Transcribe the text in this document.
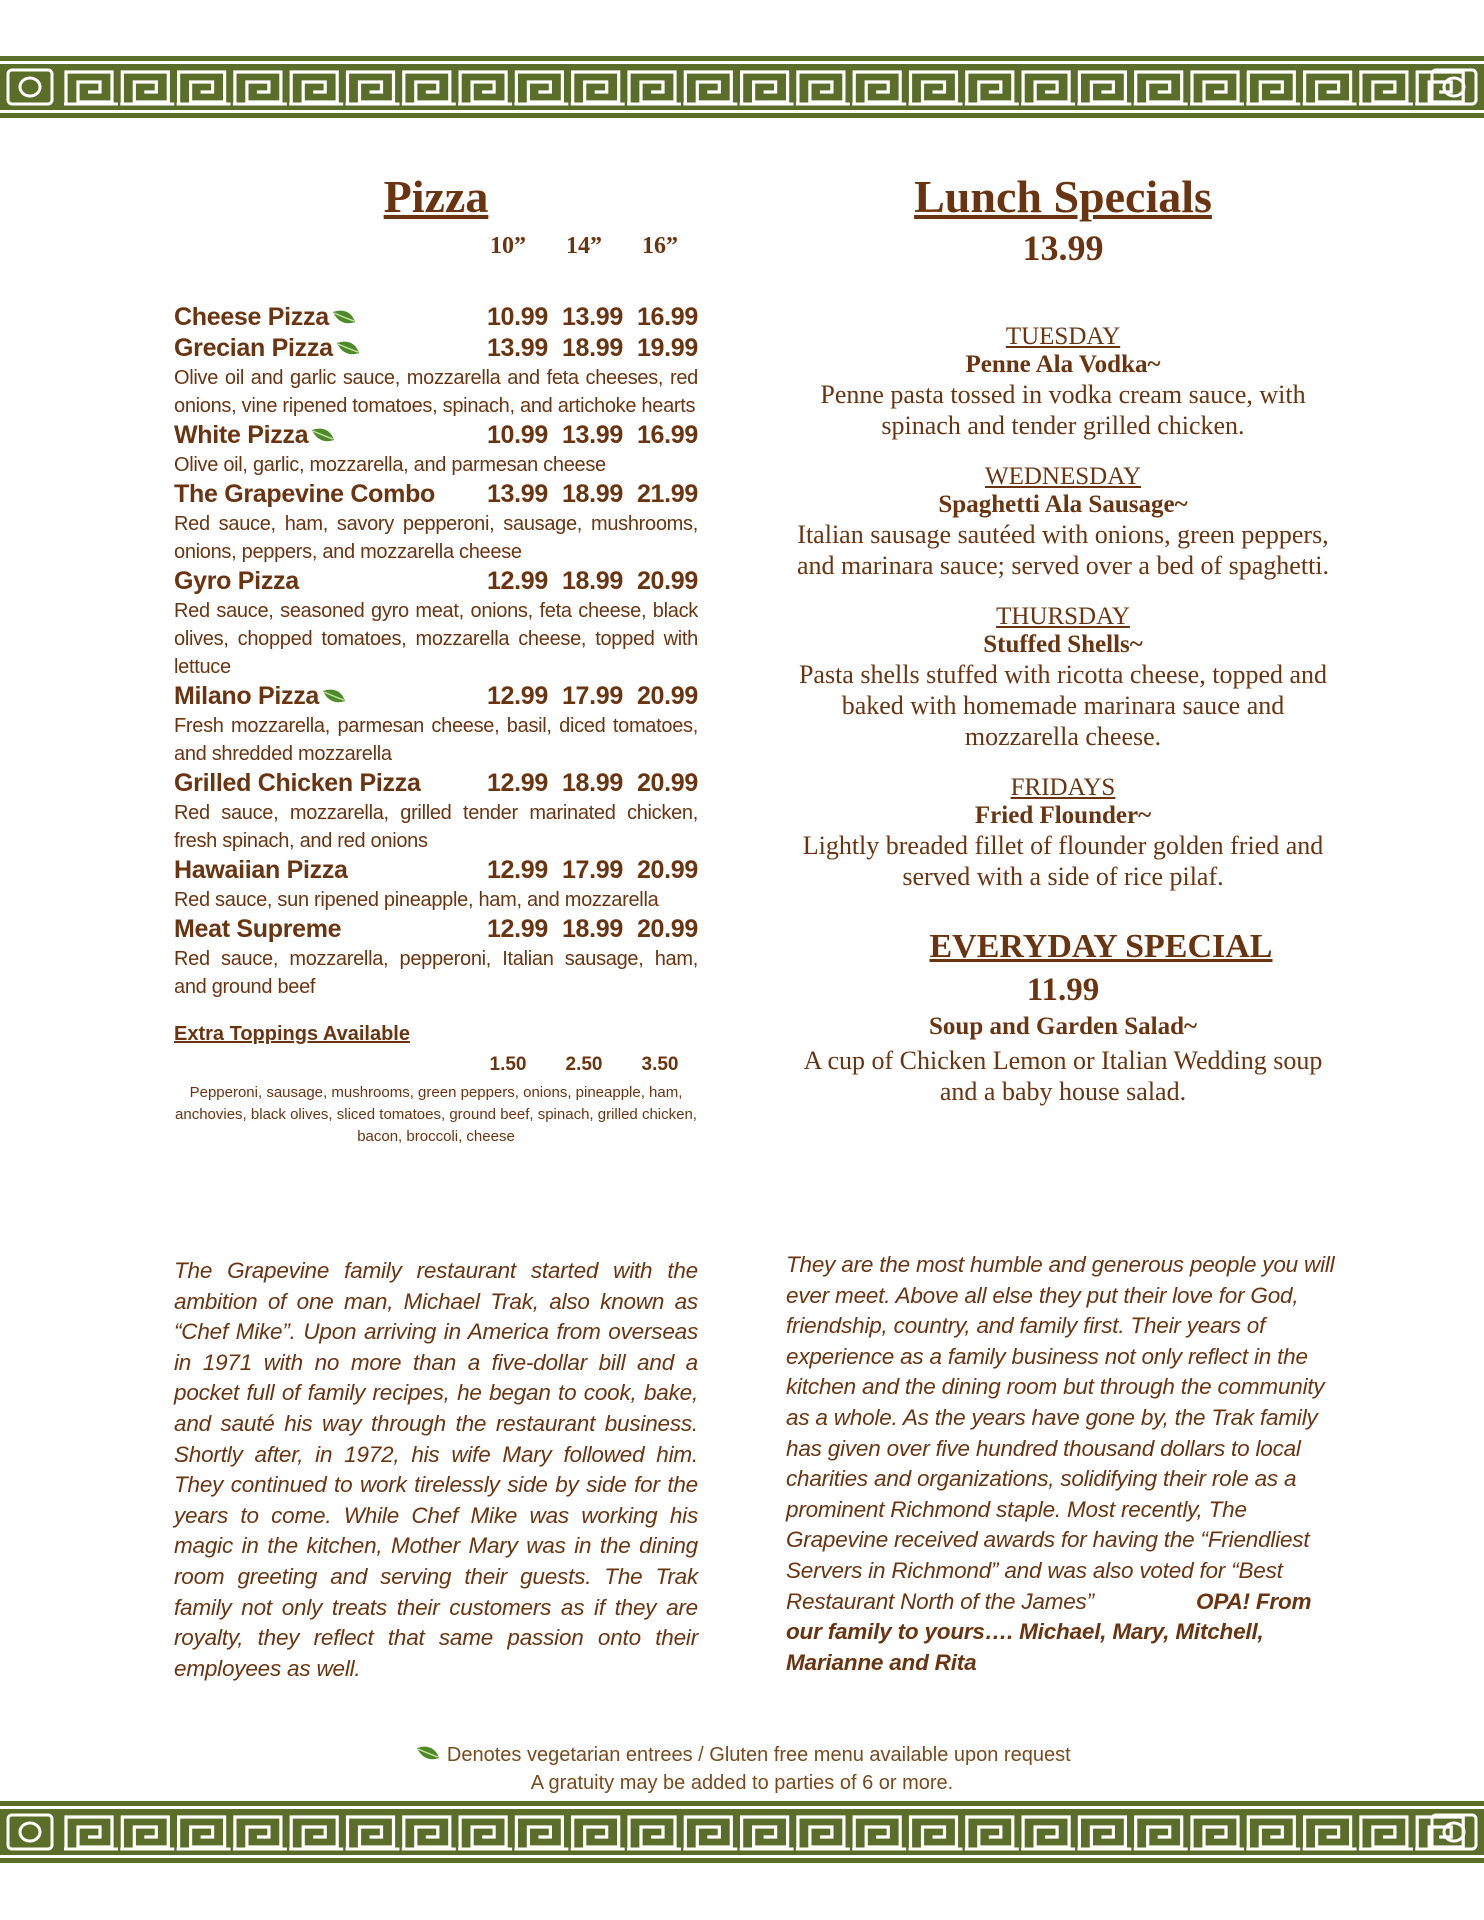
Pizza
10”	14”	16”
Cheese Pizza	10.99 13.99 16.99
Grecian Pizza	13.99 18.99 19.99
Olive oil and garlic sauce, mozzarella and feta cheeses, red onions, vine ripened tomatoes, spinach, and artichoke hearts
White Pizza	10.99 13.99 16.99
Olive oil, garlic, mozzarella, and parmesan cheese
The Grapevine Combo	13.99 18.99 21.99
Red sauce, ham, savory pepperoni, sausage, mushrooms, onions, peppers, and mozzarella cheese
Gyro Pizza	12.99 18.99 20.99
Red sauce, seasoned gyro meat, onions, feta cheese, black olives, chopped tomatoes, mozzarella cheese, topped with lettuce
Milano Pizza	12.99 17.99 20.99
Fresh mozzarella, parmesan cheese, basil, diced tomatoes, and shredded mozzarella
Grilled Chicken Pizza	12.99 18.99 20.99
Red sauce, mozzarella, grilled tender marinated chicken, fresh spinach, and red onions
Hawaiian Pizza	12.99 17.99 20.99
Red sauce, sun ripened pineapple, ham, and mozzarella
Meat Supreme	12.99 18.99 20.99
Red sauce, mozzarella, pepperoni, Italian sausage, ham, and ground beef
Extra Toppings Available
1.50	2.50	3.50
Pepperoni, sausage, mushrooms, green peppers, onions, pineapple, ham, anchovies, black olives, sliced tomatoes, ground beef, spinach, grilled chicken, bacon, broccoli, cheese
Lunch Specials
13.99
TUESDAY
Penne Ala Vodka~
Penne pasta tossed in vodka cream sauce, with spinach and tender grilled chicken.
WEDNESDAY
Spaghetti Ala Sausage~
Italian sausage sautéed with onions, green peppers, and marinara sauce; served over a bed of spaghetti.
THURSDAY
Stuffed Shells~
Pasta shells stuffed with ricotta cheese, topped and baked with homemade marinara sauce and mozzarella cheese.
FRIDAYS
Fried Flounder~
Lightly breaded fillet of flounder golden fried and served with a side of rice pilaf.
EVERYDAY SPECIAL
11.99
Soup and Garden Salad~
A cup of Chicken Lemon or Italian Wedding soup and a baby house salad.
The Grapevine family restaurant started with the ambition of one man, Michael Trak, also known as “Chef Mike”. Upon arriving in America from overseas in 1971 with no more than a five-dollar bill and a pocket full of family recipes, he began to cook, bake, and sauté his way through the restaurant business. Shortly after, in 1972, his wife Mary followed him. They continued to work tirelessly side by side for the years to come. While Chef Mike was working his magic in the kitchen, Mother Mary was in the dining room greeting and serving their guests. The Trak family not only treats their customers as if they are royalty, they reflect that same passion onto their employees as well.
They are the most humble and generous people you will ever meet. Above all else they put their love for God, friendship, country, and family first. Their years of experience as a family business not only reflect in the kitchen and the dining room but through the community as a whole. As the years have gone by, the Trak family has given over five hundred thousand dollars to local charities and organizations, solidifying their role as a prominent Richmond staple. Most recently, The Grapevine received awards for having the “Friendliest Servers in Richmond” and was also voted for “Best Restaurant North of the James”	OPA! From our family to yours…. Michael, Mary, Mitchell, Marianne and Rita
Denotes vegetarian entrees / Gluten free menu available upon request
A gratuity may be added to parties of 6 or more.
